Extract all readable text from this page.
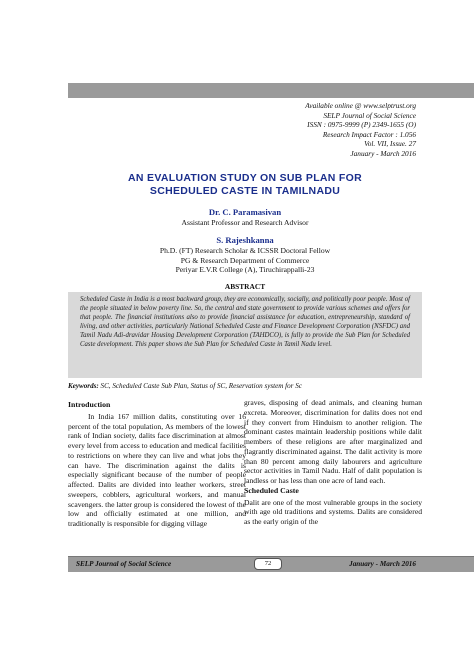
Available online @ www.selptrust.org
SELP Journal of Social Science
ISSN : 0975-9999 (P) 2349-1655 (O)
Research Impact Factor : 1.056
Vol. VII, Issue. 27
January - March 2016
AN EVALUATION STUDY ON SUB PLAN FOR
SCHEDULED CASTE IN TAMILNADU
Dr. C. Paramasivan
Assistant Professor and Research Advisor
S. Rajeshkanna
Ph.D. (FT) Research Scholar & ICSSR Doctoral Fellow
PG & Research Department of Commerce
Periyar E.V.R College (A), Tiruchirappalli-23
ABSTRACT
Scheduled Caste in India is a most backward group, they are economically, socially, and politically poor people. Most of the people situated in below poverty line. So, the central and state government to provide various schemes and offers for that people. The financial institutions also to provide financial assistance for education, entrepreneurship, standard of living, and other activities, particularly National Scheduled Caste and Finance Development Corporation (NSFDC) and Tamil Nadu Adi-dravidar Housing Development Corporation (TAHDCO), is fully to provide the Sub Plan for Scheduled Caste development. This paper shows the Sub Plan for Scheduled Caste in Tamil Nadu level.
Keywords: SC, Scheduled Caste Sub Plan, Status of SC, Reservation system for Sc
Introduction

In India 167 million dalits, constituting over 16 percent of the total population, As members of the lowest rank of Indian society, dalits face discrimination at almost every level from access to education and medical facilities to restrictions on where they can live and what jobs they can have. The discrimination against the dalits is especially significant because of the number of people affected. Dalits are divided into leather workers, street sweepers, cobblers, agricultural workers, and manual scavengers. the latter group is considered the lowest of the low and officially estimated at one million, and traditionally is responsible for digging village

graves, disposing of dead animals, and cleaning human excreta. Moreover, discrimination for dalits does not end if they convert from Hinduism to another religion. The dominant castes maintain leadership positions while dalit members of these religions are after marginalized and flagrantly discriminated against. The dalit activity is more than 80 percent among daily labourers and agriculture sector activities in Tamil Nadu. Half of dalit population is landless or has less than one acre of land each.

Scheduled Caste

Dalit are one of the most vulnerable groups in the society with age old traditions and systems. Dalits are considered as the early origin of the

SELP Journal of Social Science	72	January - March 2016
